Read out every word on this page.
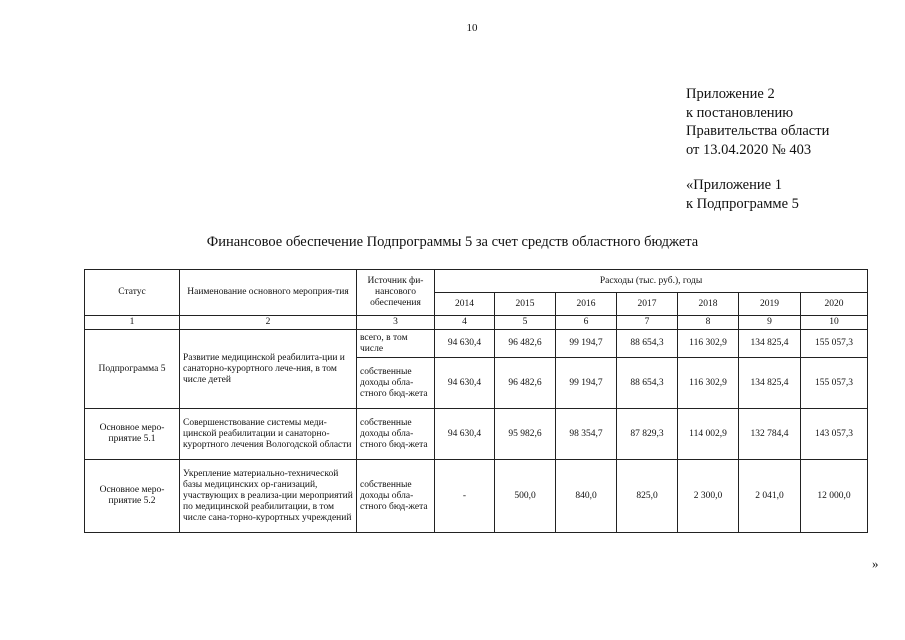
10
Приложение 2
к постановлению
Правительства области
от 13.04.2020 № 403
«Приложение 1
к Подпрограмме 5
Финансовое обеспечение Подпрограммы 5 за счет средств областного бюджета
Статус	Наименование основного мероприя-тия	Источник фи-нансового обеспечения	Расходы (тыс. руб.), годы						
			2014	2015	2016	2017	2018	2019	2020
1	2	3	4	5	6	7	8	9	10
Подпрограмма 5	Развитие медицинской реабилита-ции и санаторно-курортного лече-ния, в том числе детей	всего, в том числе	94 630,4	96 482,6	99 194,7	88 654,3	116 302,9	134 825,4	155 057,3
		собственные доходы обла-стного бюд-жета	94 630,4	96 482,6	99 194,7	88 654,3	116 302,9	134 825,4	155 057,3
Основное меро-приятие 5.1	Совершенствование системы меди-цинской реабилитации и санаторно-курортного лечения Вологодской области	собственные доходы обла-стного бюд-жета	94 630,4	95 982,6	98 354,7	87 829,3	114 002,9	132 784,4	143 057,3
Основное меро-приятие 5.2	Укрепление материально-технической базы медицинских ор-ганизаций, участвующих в реализа-ции мероприятий по медицинской реабилитации, в том числе сана-торно-курортных учреждений	собственные доходы обла-стного бюд-жета	-	500,0	840,0	825,0	2 300,0	2 041,0	12 000,0
»
